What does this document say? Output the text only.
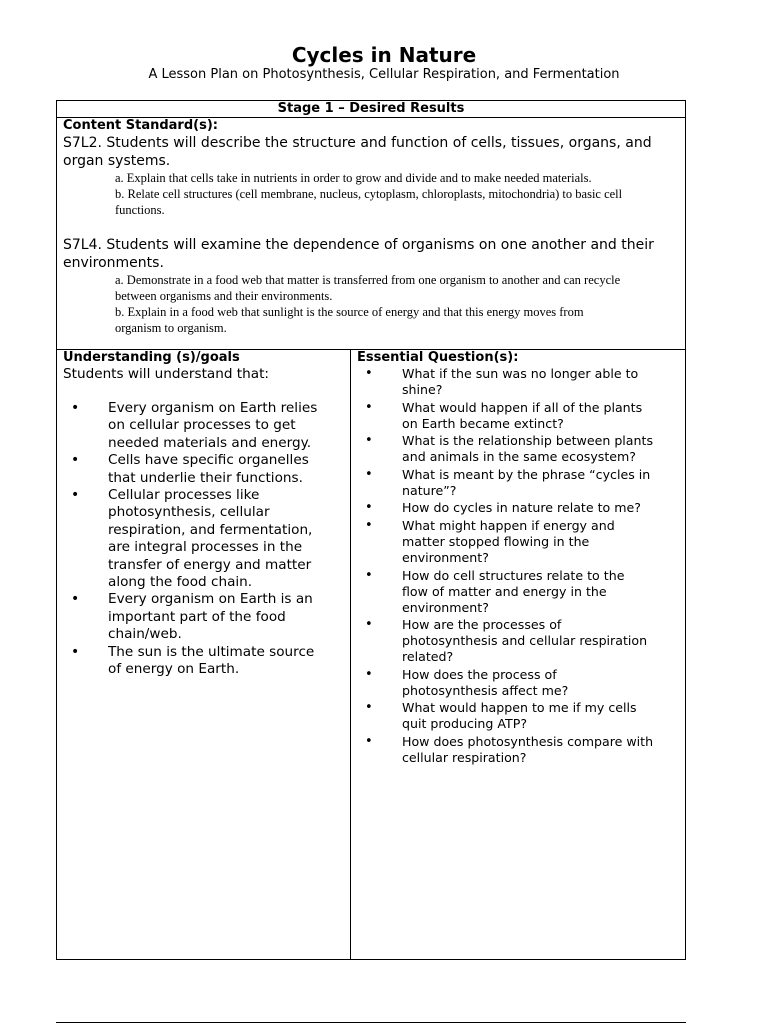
Cycles in Nature
A Lesson Plan on Photosynthesis, Cellular Respiration, and Fermentation
Stage 1 – Desired Results
Content Standard(s):
S7L2. Students will describe the structure and function of cells, tissues, organs, and
organ systems.
a. Explain that cells take in nutrients in order to grow and divide and to make needed materials.
b. Relate cell structures (cell membrane, nucleus, cytoplasm, chloroplasts, mitochondria) to basic cell
functions.
S7L4. Students will examine the dependence of organisms on one another and their
environments.
a. Demonstrate in a food web that matter is transferred from one organism to another and can recycle
between organisms and their environments.
b. Explain in a food web that sunlight is the source of energy and that this energy moves from
organism to organism.
Understanding (s)/goals
Students will understand that:
• Every organism on Earth relies
on cellular processes to get
needed materials and energy.
• Cells have specific organelles
that underlie their functions.
• Cellular processes like
photosynthesis, cellular
respiration, and fermentation,
are integral processes in the
transfer of energy and matter
along the food chain.
• Every organism on Earth is an
important part of the food
chain/web.
• The sun is the ultimate source
of energy on Earth.
Essential Question(s):
• What if the sun was no longer able to
shine?
• What would happen if all of the plants
on Earth became extinct?
• What is the relationship between plants
and animals in the same ecosystem?
• What is meant by the phrase “cycles in
nature”?
• How do cycles in nature relate to me?
• What might happen if energy and
matter stopped flowing in the
environment?
• How do cell structures relate to the
flow of matter and energy in the
environment?
• How are the processes of
photosynthesis and cellular respiration
related?
• How does the process of
photosynthesis affect me?
• What would happen to me if my cells
quit producing ATP?
• How does photosynthesis compare with
cellular respiration?
